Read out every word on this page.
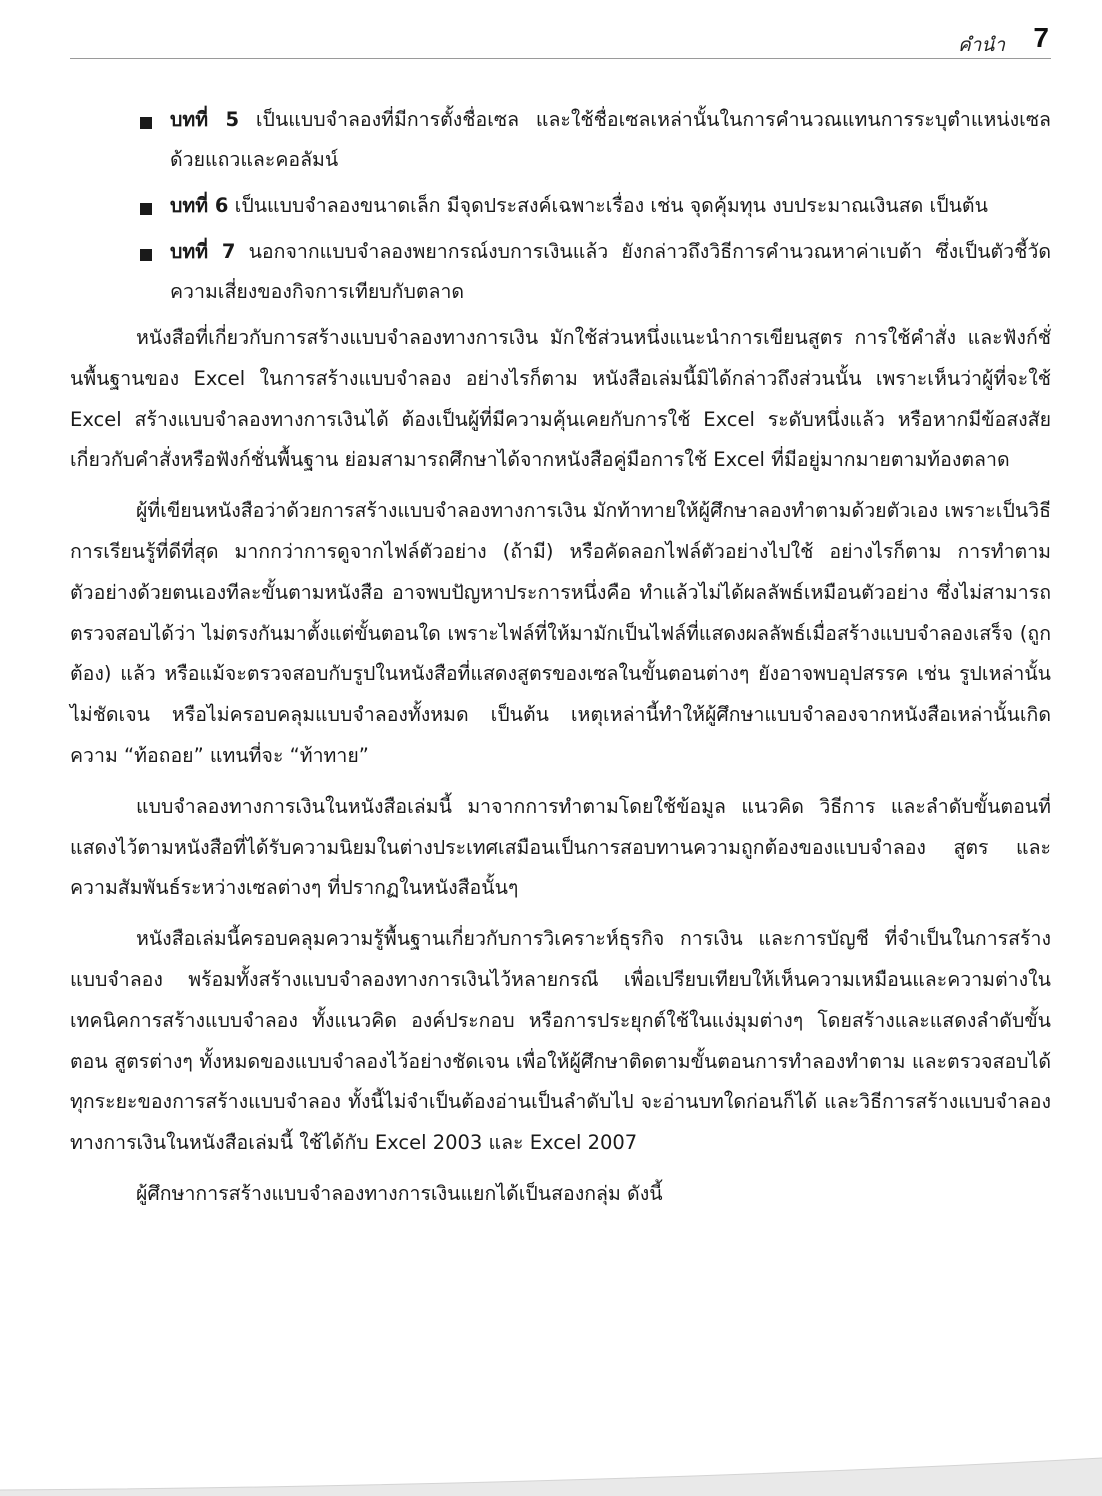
คำนำ 7
บทที่ 5 เป็นแบบจำลองที่มีการตั้งชื่อเซล และใช้ชื่อเซลเหล่านั้นในการคำนวณแทนการระบุตำแหน่งเซล ด้วยแถวและคอลัมน์
บทที่ 6 เป็นแบบจำลองขนาดเล็ก มีจุดประสงค์เฉพาะเรื่อง เช่น จุดคุ้มทุน งบประมาณเงินสด เป็นต้น
บทที่ 7 นอกจากแบบจำลองพยากรณ์งบการเงินแล้ว ยังกล่าวถึงวิธีการคำนวณหาค่าเบต้า ซึ่งเป็นตัวชี้วัดความเสี่ยงของกิจการเทียบกับตลาด

หนังสือที่เกี่ยวกับการสร้างแบบจำลองทางการเงิน มักใช้ส่วนหนึ่งแนะนำการเขียนสูตร การใช้คำสั่ง และฟังก์ชั่นพื้นฐานของ Excel ในการสร้างแบบจำลอง อย่างไรก็ตาม หนังสือเล่มนี้มิได้กล่าวถึงส่วนนั้น เพราะเห็นว่าผู้ที่จะใช้ Excel สร้างแบบจำลองทางการเงินได้ ต้องเป็นผู้ที่มีความคุ้นเคยกับการใช้ Excel ระดับหนึ่งแล้ว หรือหากมีข้อสงสัยเกี่ยวกับคำสั่งหรือฟังก์ชั่นพื้นฐาน ย่อมสามารถศึกษาได้จากหนังสือคู่มือการใช้ Excel ที่มีอยู่มากมายตามท้องตลาด

ผู้ที่เขียนหนังสือว่าด้วยการสร้างแบบจำลองทางการเงิน มักท้าทายให้ผู้ศึกษาลองทำตามด้วยตัวเอง เพราะเป็นวิธีการเรียนรู้ที่ดีที่สุด มากกว่าการดูจากไฟล์ตัวอย่าง (ถ้ามี) หรือคัดลอกไฟล์ตัวอย่างไปใช้ อย่างไรก็ตาม การทำตามตัวอย่างด้วยตนเองทีละขั้นตามหนังสือ อาจพบปัญหาประการหนึ่งคือ ทำแล้วไม่ได้ผลลัพธ์เหมือนตัวอย่าง ซึ่งไม่สามารถตรวจสอบได้ว่า ไม่ตรงกันมาตั้งแต่ขั้นตอนใด เพราะไฟล์ที่ให้มามักเป็นไฟล์ที่แสดงผลลัพธ์เมื่อสร้างแบบจำลองเสร็จ (ถูกต้อง) แล้ว หรือแม้จะตรวจสอบกับรูปในหนังสือที่แสดงสูตรของเซลในขั้นตอนต่างๆ ยังอาจพบอุปสรรค เช่น รูปเหล่านั้นไม่ชัดเจน หรือไม่ครอบคลุมแบบจำลองทั้งหมด เป็นต้น เหตุเหล่านี้ทำให้ผู้ศึกษาแบบจำลองจากหนังสือเหล่านั้นเกิดความ “ท้อถอย” แทนที่จะ “ท้าทาย”

แบบจำลองทางการเงินในหนังสือเล่มนี้ มาจากการทำตามโดยใช้ข้อมูล แนวคิด วิธีการ และลำดับขั้นตอนที่แสดงไว้ตามหนังสือที่ได้รับความนิยมในต่างประเทศเสมือนเป็นการสอบทานความถูกต้องของแบบจำลอง สูตร และความสัมพันธ์ระหว่างเซลต่างๆ ที่ปรากฏในหนังสือนั้นๆ

หนังสือเล่มนี้ครอบคลุมความรู้พื้นฐานเกี่ยวกับการวิเคราะห์ธุรกิจ การเงิน และการบัญชี ที่จำเป็นในการสร้างแบบจำลอง พร้อมทั้งสร้างแบบจำลองทางการเงินไว้หลายกรณี เพื่อเปรียบเทียบให้เห็นความเหมือนและความต่างในเทคนิคการสร้างแบบจำลอง ทั้งแนวคิด องค์ประกอบ หรือการประยุกต์ใช้ในแง่มุมต่างๆ โดยสร้างและแสดงลำดับขั้นตอน สูตรต่างๆ ทั้งหมดของแบบจำลองไว้อย่างชัดเจน เพื่อให้ผู้ศึกษาติดตามขั้นตอนการทำลองทำตาม และตรวจสอบได้ทุกระยะของการสร้างแบบจำลอง ทั้งนี้ไม่จำเป็นต้องอ่านเป็นลำดับไป จะอ่านบทใดก่อนก็ได้ และวิธีการสร้างแบบจำลองทางการเงินในหนังสือเล่มนี้ ใช้ได้กับ Excel 2003 และ Excel 2007

ผู้ศึกษาการสร้างแบบจำลองทางการเงินแยกได้เป็นสองกลุ่ม ดังนี้
